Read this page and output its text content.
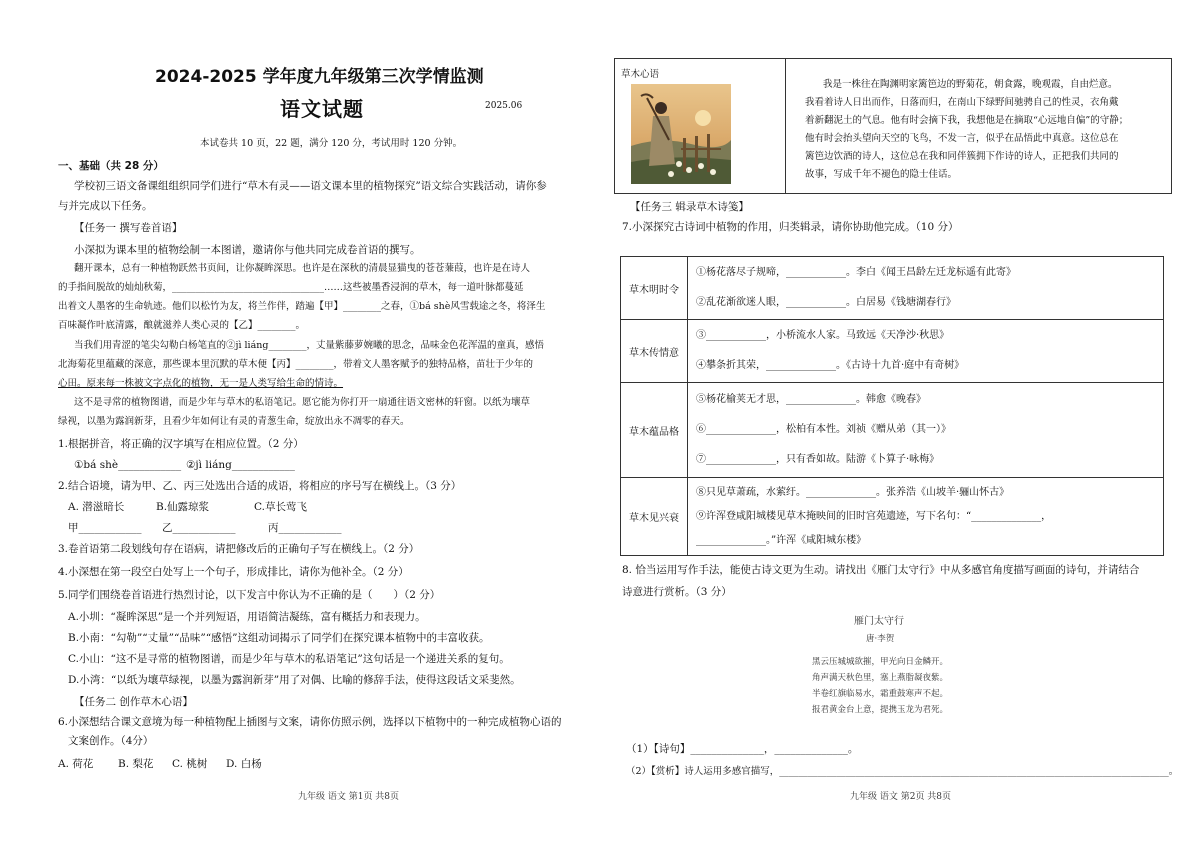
2024-2025 学年度九年级第三次学情监测
语文试题	2025.06
本试卷共 10 页，22 题，满分 120 分，考试用时 120 分钟。
一、基础（共 28 分）
学校初三语文备课组组织同学们进行“草木有灵——语文课本里的植物探究”语文综合实践活动，请你参
与并完成以下任务。
【任务一 撰写卷首语】
小深拟为课本里的植物绘制一本图谱，邀请你与他共同完成卷首语的撰写。
翻开课本，总有一种植物跃然书页间，让你凝眸深思。也许是在深秋的清晨显猫曳的苍苍蒹葭，也许是在诗人
的手指间脱故的灿灿秋菊，________________________________……这些被墨香浸润的草木，每一道叶脉都蔓延
出着文人墨客的生命轨迹。他们以松竹为友，将兰作伴，踏遍【甲】________之春，①bá shè风雪载途之冬，将泽生
百味凝作叶底清露，酿就滋养人类心灵的【乙】________。
当我们用青涩的笔尖勾勒白杨笔直的②jì liáng________，丈量紫藤萝婉曦的思念，品味金色花浑温的童真，感悟
北海菊花里蕴藏的深意，那些课本里沉默的草木便【丙】________，带着文人墨客赋予的独特品格，苗壮于少年的
心田。原来每一株被文字点化的植物，无一是人类写给生命的情诗。
这不是寻常的植物图谱，而是少年与草木的私语笔记。愿它能为你打开一扇通往语文密林的轩窗。以纸为壤草
绿视，以墨为露润新芽，且看少年如何让有灵的青葱生命，绽放出永不凋零的春天。
1.根据拼音，将正确的汉字填写在相应位置。（2 分）
①bá shè____________ ②jì liáng____________
2.结合语境，请为甲、乙、丙三处选出合适的成语，将相应的序号写在横线上。（3 分）
A. 潜滋暗长	B.仙露琼浆	C.草长莺飞
甲____________ 乙____________	丙____________
3.卷首语第二段划线句存在语病，请把修改后的正确句子写在横线上。（2 分）
4.小深想在第一段空白处写上一个句子，形成排比，请你为他补全。（2 分）
5.同学们围绕卷首语进行热烈讨论，以下发言中你认为不正确的是（　　）（2 分）
A.小圳：“凝眸深思”是一个并列短语，用语简洁凝练，富有概括力和表现力。
B.小南：“勾勒”“丈量”“品味”“感悟”这组动词揭示了同学们在探究课本植物中的丰富收获。
C.小山：“这不是寻常的植物图谱，而是少年与草木的私语笔记”这句话是一个递进关系的复句。
D.小湾：“以纸为壤草绿视，以墨为露润新芽”用了对偶、比喻的修辞手法，使得这段话文采斐然。
【任务二 创作草木心语】
6.小深想结合课文意境为每一种植物配上插图与文案，请你仿照示例，选择以下植物中的一种完成植物心语的
文案创作。（4分）
A. 荷花 B. 梨花 C. 桃树 D. 白杨
九年级 语文 第1页 共8页
草木心语
我是一株往在陶渊明家篱笆边的野菊花，朝食露，晚观霞，自由烂意。
我看着诗人日出而作，日落而归，在南山下绿野间驰骋自己的性灵，衣角戴
着新翻泥土的气息。他有时会摘下我，我想他是在摘取“心远地自偏”的守静；
他有时会抬头望向天空的飞鸟，不发一言，似乎在品悟此中真意。这位总在
篱笆边饮酒的诗人，这位总在我和同伴簇拥下作诗的诗人，正把我们共同的
故事，写成千年不褪色的隐士佳话。
【任务三 辑录草木诗笺】
7.小深探究古诗词中植物的作用，归类辑录，请你协助他完成。（10 分）
草木明时令	①杨花落尽子规啼，____________。李白《闻王昌龄左迁龙标遥有此寄》
②乱花渐欲迷人眼，____________。白居易《钱塘湖春行》

草木传情意	③____________，小桥流水人家。马致远《天净沙·秋思》
④攀条折其荣，______________。《古诗十九首·庭中有奇树》

草木蕴品格	⑤杨花榆荚无才思，______________。韩愈《晚春》
⑥______________，松柏有本性。刘祯《赠从弟（其一）》
⑦______________，只有香如故。陆游《卜算子·咏梅》

草木见兴衰	⑧只见草萧疏，水萦纡。______________。张养浩《山坡羊·骊山怀古》
⑨许浑登咸阳城楼见草木掩映间的旧时宫苑遗迹，写下名句：“______________，
______________。”许浑《咸阳城东楼》
8. 恰当运用写作手法，能使古诗文更为生动。请找出《雁门太守行》中从多感官角度描写画面的诗句，并请结合
诗意进行赏析。（3 分）
雁门太守行
唐·李贺
黑云压城城欲摧，甲光向日金鳞开。
角声满天秋色里，塞上燕脂凝夜紫。
半卷红旗临易水，霜重鼓寒声不起。
报君黄金台上意，提携玉龙为君死。
（1）【诗句】______________，______________。
（2）【赏析】诗人运用多感官描写，__________________________________________________________________________________。
九年级 语文 第2页 共8页
